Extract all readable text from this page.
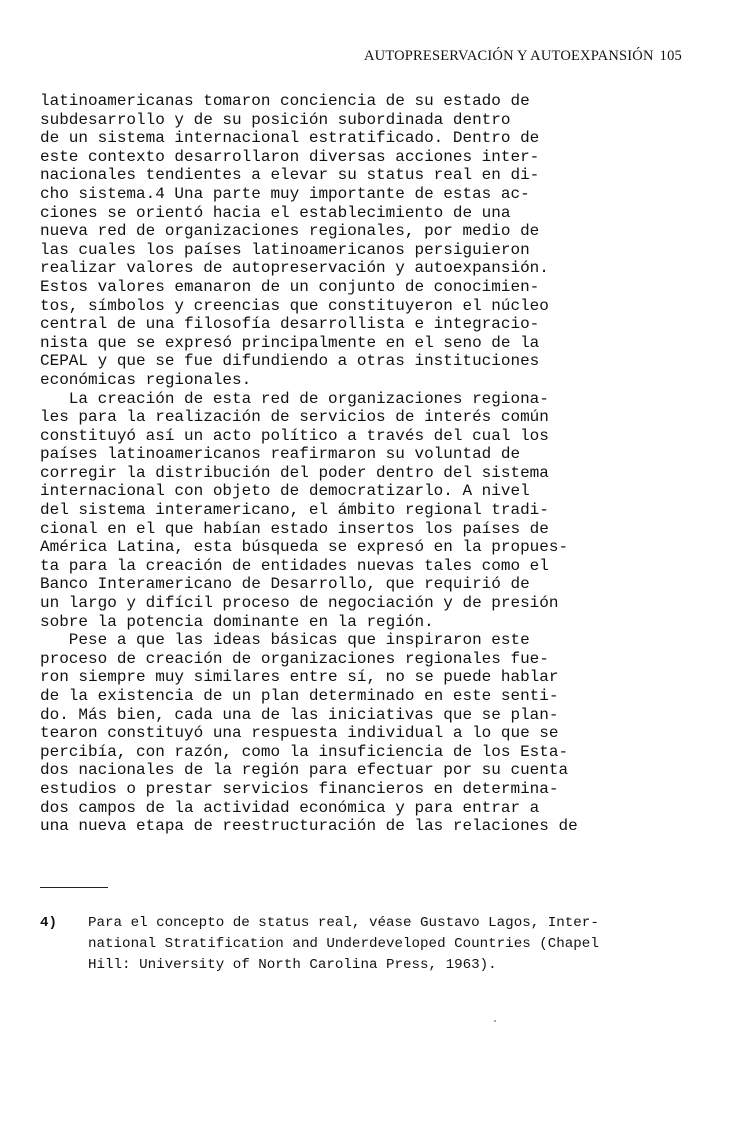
AUTOPRESERVACIÓN Y AUTOEXPANSIÓN 105
latinoamericanas tomaron conciencia de su estado de
subdesarrollo y de su posición subordinada dentro
de un sistema internacional estratificado. Dentro de
este contexto desarrollaron diversas acciones inter-
nacionales tendientes a elevar su status real en di-
cho sistema.4 Una parte muy importante de estas ac-
ciones se orientó hacia el establecimiento de una
nueva red de organizaciones regionales, por medio de
las cuales los países latinoamericanos persiguieron
realizar valores de autopreservación y autoexpansión.
Estos valores emanaron de un conjunto de conocimien-
tos, símbolos y creencias que constituyeron el núcleo
central de una filosofía desarrollista e integracio-
nista que se expresó principalmente en el seno de la
CEPAL y que se fue difundiendo a otras instituciones
económicas regionales.
La creación de esta red de organizaciones regiona-
les para la realización de servicios de interés común
constituyó así un acto político a través del cual los
países latinoamericanos reafirmaron su voluntad de
corregir la distribución del poder dentro del sistema
internacional con objeto de democratizarlo. A nivel
del sistema interamericano, el ámbito regional tradi-
cional en el que habían estado insertos los países de
América Latina, esta búsqueda se expresó en la propues-
ta para la creación de entidades nuevas tales como el
Banco Interamericano de Desarrollo, que requirió de
un largo y difícil proceso de negociación y de presión
sobre la potencia dominante en la región.
Pese a que las ideas básicas que inspiraron este
proceso de creación de organizaciones regionales fue-
ron siempre muy similares entre sí, no se puede hablar
de la existencia de un plan determinado en este senti-
do. Más bien, cada una de las iniciativas que se plan-
tearon constituyó una respuesta individual a lo que se
percibía, con razón, como la insuficiencia de los Esta-
dos nacionales de la región para efectuar por su cuenta
estudios o prestar servicios financieros en determina-
dos campos de la actividad económica y para entrar a
una nueva etapa de reestructuración de las relaciones de
4) Para el concepto de status real, véase Gustavo Lagos, Inter-
national Stratification and Underdeveloped Countries (Chapel
Hill: University of North Carolina Press, 1963).
